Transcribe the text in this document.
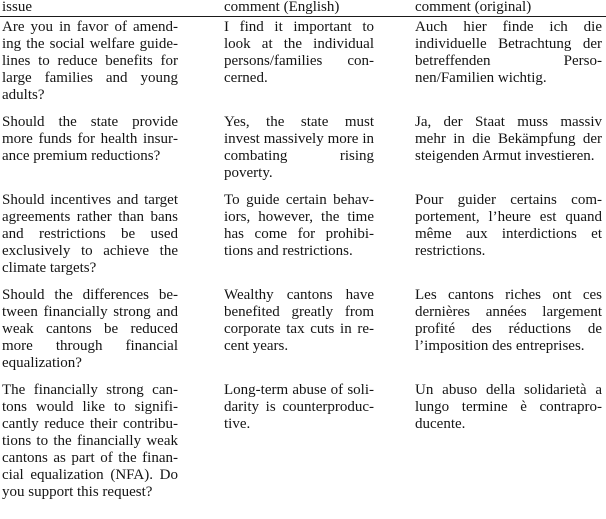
issue	comment (English)	comment (original)
Are you in favor of amending the social welfare guidelines to reduce benefits for large families and young adults?
I find it important to look at the individual persons/families concerned.
Auch hier finde ich die individuelle Betrachtung der betreffenden Personen/Familien wichtig.
Should the state provide more funds for health insurance premium reductions?
Yes, the state must invest massively more in combating rising poverty.
Ja, der Staat muss massiv mehr in die Bekämpfung der steigenden Armut investieren.
Should incentives and target agreements rather than bans and restrictions be used exclusively to achieve the climate targets?
To guide certain behaviors, however, the time has come for prohibitions and restrictions.
Pour guider certains comportement, l’heure est quand même aux interdictions et restrictions.
Should the differences between financially strong and weak cantons be reduced more through financial equalization?
Wealthy cantons have benefited greatly from corporate tax cuts in recent years.
Les cantons riches ont ces dernières années largement profité des réductions de l’imposition des entreprises.
The financially strong cantons would like to significantly reduce their contributions to the financially weak cantons as part of the financial equalization (NFA). Do you support this request?
Long-term abuse of solidarity is counterproductive.
Un abuso della solidarietà a lungo termine è contraproducente.
